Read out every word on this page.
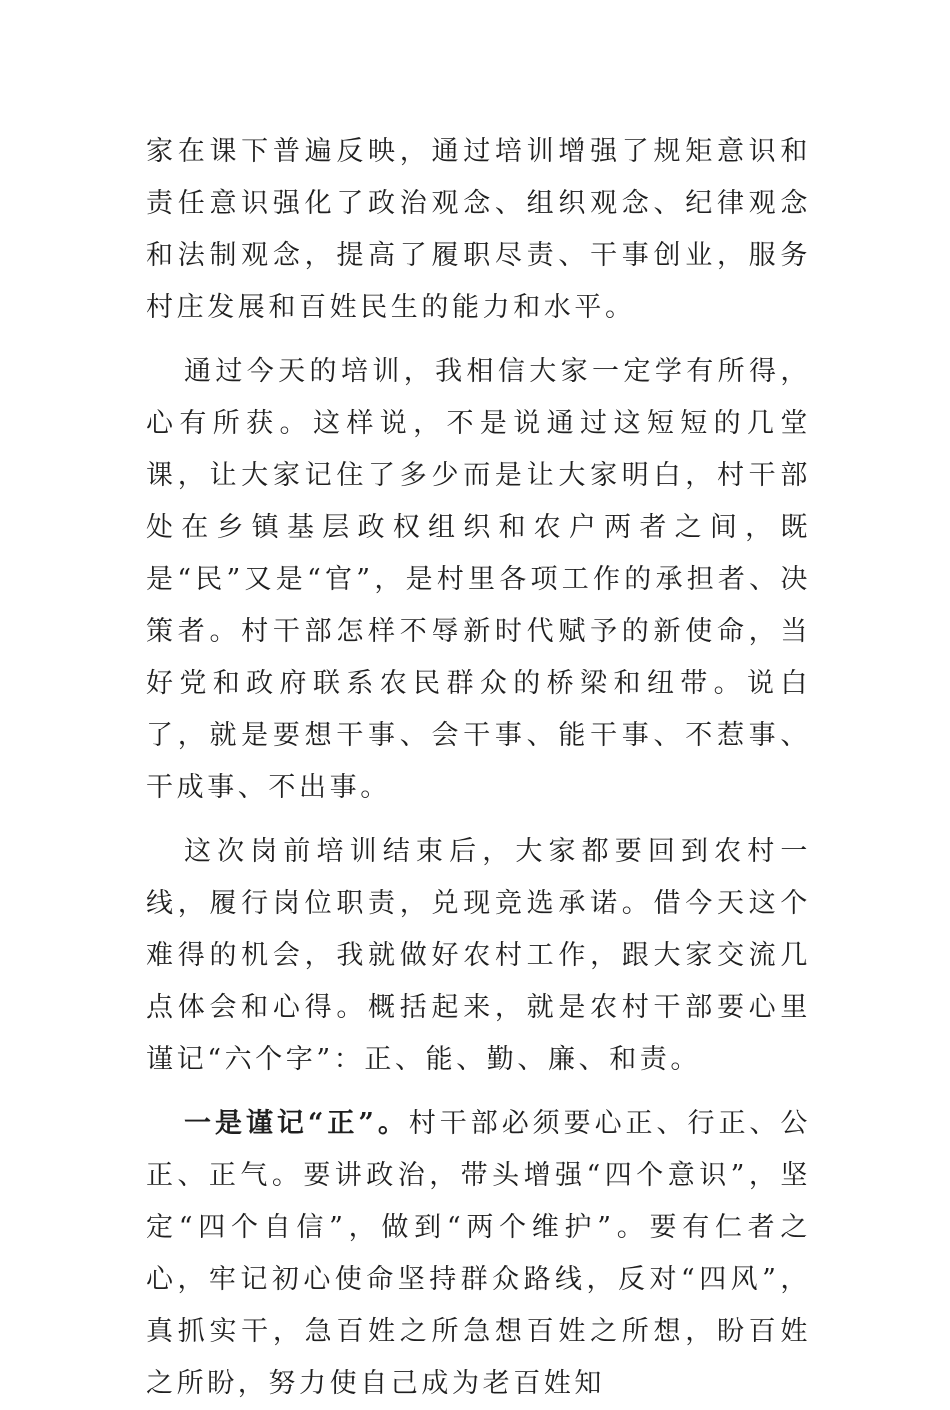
家在课下普遍反映，通过培训增强了规矩意识和责任意识强化了政治观念、组织观念、纪律观念和法制观念，提高了履职尽责、干事创业，服务村庄发展和百姓民生的能力和水平。

通过今天的培训，我相信大家一定学有所得，心有所获。这样说，不是说通过这短短的几堂课，让大家记住了多少而是让大家明白，村干部处在乡镇基层政权组织和农户两者之间，既是“民”又是“官”，是村里各项工作的承担者、决策者。村干部怎样不辱新时代赋予的新使命，当好党和政府联系农民群众的桥梁和纽带。说白了，就是要想干事、会干事、能干事、不惹事、干成事、不出事。

这次岗前培训结束后，大家都要回到农村一线，履行岗位职责，兑现竞选承诺。借今天这个难得的机会，我就做好农村工作，跟大家交流几点体会和心得。概括起来，就是农村干部要心里谨记“六个字”：正、能、勤、廉、和责。

一是谨记“正”。村干部必须要心正、行正、公正、正气。要讲政治，带头增强“四个意识”，坚定“四个自信”，做到“两个维护”。要有仁者之心，牢记初心使命坚持群众路线，反对“四风”，真抓实干，急百姓之所急想百姓之所想，盼百姓之所盼，努力使自己成为老百姓知
